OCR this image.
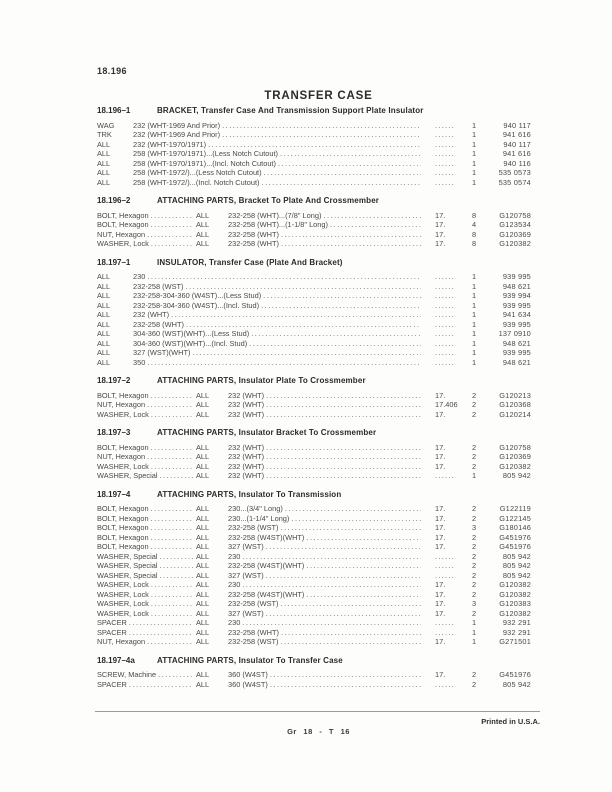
18.196
TRANSFER CASE
18.196–1	BRACKET, Transfer Case And Transmission Support Plate Insulator
WAG	232 (WHT-1969 And Prior) .....	......	1	940 117
TRK	232 (WHT-1969 And Prior) .....	......	1	941 616
ALL	232 (WHT-1970/1971) .....	......	1	940 117
ALL	258 (WHT-1970/1971)...(Less Notch Cutout) .....	......	1	941 616
ALL	258 (WHT-1970/1971)...(Incl. Notch Cutout) .....	......	1	940 116
ALL	258 (WHT-1972/)...(Less Notch Cutout) .....	......	1	535 0573
ALL	258 (WHT-1972/)...(Incl. Notch Cutout) .....	......	1	535 0574
18.196–2	ATTACHING PARTS, Bracket To Plate And Crossmember
BOLT, Hexagon .....	ALL	232-258 (WHT)...(7/8" Long) .....	17.	8	G120758
BOLT, Hexagon .....	ALL	232-258 (WHT)...(1-1/8" Long) .....	17.	4	G123534
NUT, Hexagon .....	ALL	232-258 (WHT) .....	17.	8	G120369
WASHER, Lock .....	ALL	232-258 (WHT) .....	17.	8	G120382
18.197–1	INSULATOR, Transfer Case (Plate And Bracket)
ALL	230 .....	......	1	939 995
ALL	232-258 (WST) .....	......	1	948 621
ALL	232-258-304-360 (W4ST)...(Less Stud) .....	......	1	939 994
ALL	232-258-304-360 (W4ST)...(Incl. Stud) .....	......	1	939 995
ALL	232 (WHT) .....	......	1	941 634
ALL	232-258 (WHT) .....	......	1	939 995
ALL	304-360 (WST)(WHT)...(Less Stud) .....	......	1	137 0910
ALL	304-360 (WST)(WHT)...(Incl. Stud) .....	......	1	948 621
ALL	327 (WST)(WHT) .....	......	1	939 995
ALL	350 .....	......	1	948 621
18.197–2	ATTACHING PARTS, Insulator Plate To Crossmember
BOLT, Hexagon .....	ALL	232 (WHT) .....	17.	2	G120213
NUT, Hexagon .....	ALL	232 (WHT) .....	17.406	2	G120368
WASHER, Lock .....	ALL	232 (WHT) .....	17.	2	G120214
18.197–3	ATTACHING PARTS, Insulator Bracket To Crossmember
BOLT, Hexagon .....	ALL	232 (WHT) .....	17.	2	G120758
NUT, Hexagon .....	ALL	232 (WHT) .....	17.	2	G120369
WASHER, Lock .....	ALL	232 (WHT) .....	17.	2	G120382
WASHER, Special .....	ALL	232 (WHT) .....	......	1	805 942
18.197–4	ATTACHING PARTS, Insulator To Transmission
BOLT, Hexagon .....	ALL	230...(3/4" Long) .....	17.	2	G122119
BOLT, Hexagon .....	ALL	230...(1-1/4" Long) .....	17.	2	G122145
BOLT, Hexagon .....	ALL	232-258 (WST) .....	17.	3	G180146
BOLT, Hexagon .....	ALL	232-258 (W4ST)(WHT) .....	17.	2	G451976
BOLT, Hexagon .....	ALL	327 (WST) .....	17.	2	G451976
WASHER, Special .....	ALL	230 .....	......	2	805 942
WASHER, Special .....	ALL	232-258 (W4ST)(WHT) .....	......	2	805 942
WASHER, Special .....	ALL	327 (WST) .....	......	2	805 942
WASHER, Lock .....	ALL	230 .....	17.	2	G120382
WASHER, Lock .....	ALL	232-258 (W4ST)(WHT) .....	17.	2	G120382
WASHER, Lock .....	ALL	232-258 (WST) .....	17.	3	G120383
WASHER, Lock .....	ALL	327 (WST) .....	17.	2	G120382
SPACER .....	ALL	230 .....	......	1	932 291
SPACER .....	ALL	232-258 (WHT) .....	......	1	932 291
NUT, Hexagon .....	ALL	232-258 (WST) .....	17.	1	G271501
18.197–4a	ATTACHING PARTS, Insulator To Transfer Case
SCREW, Machine .....	ALL	360 (W4ST) .....	17.	2	G451976
SPACER .....	ALL	360 (W4ST) .....	......	2	805 942
Printed in U.S.A.
Gr 18 - T 16
